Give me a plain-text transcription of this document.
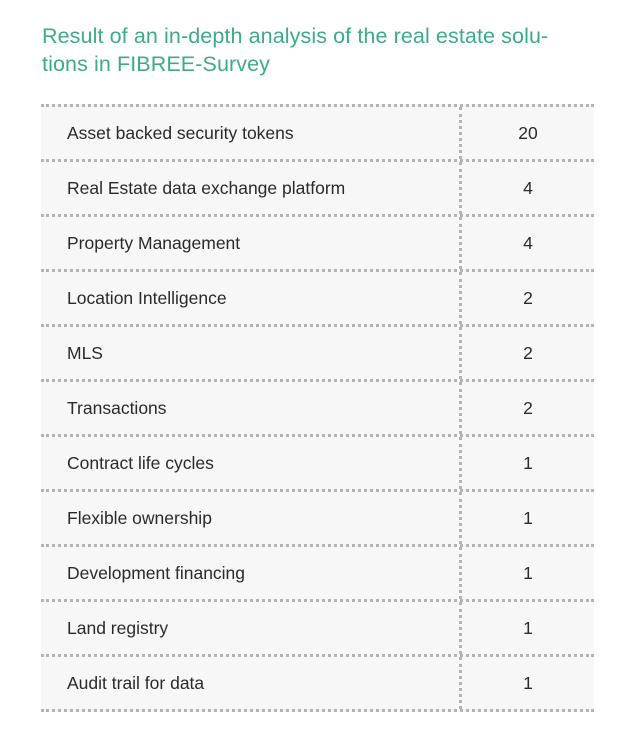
Result of an in-depth analysis of the real estate solu-
tions in FIBREE-Survey
Asset backed security tokens	20
Real Estate data exchange platform	4
Property Management	4
Location Intelligence	2
MLS	2
Transactions	2
Contract life cycles	1
Flexible ownership	1
Development financing	1
Land registry	1
Audit trail for data	1
